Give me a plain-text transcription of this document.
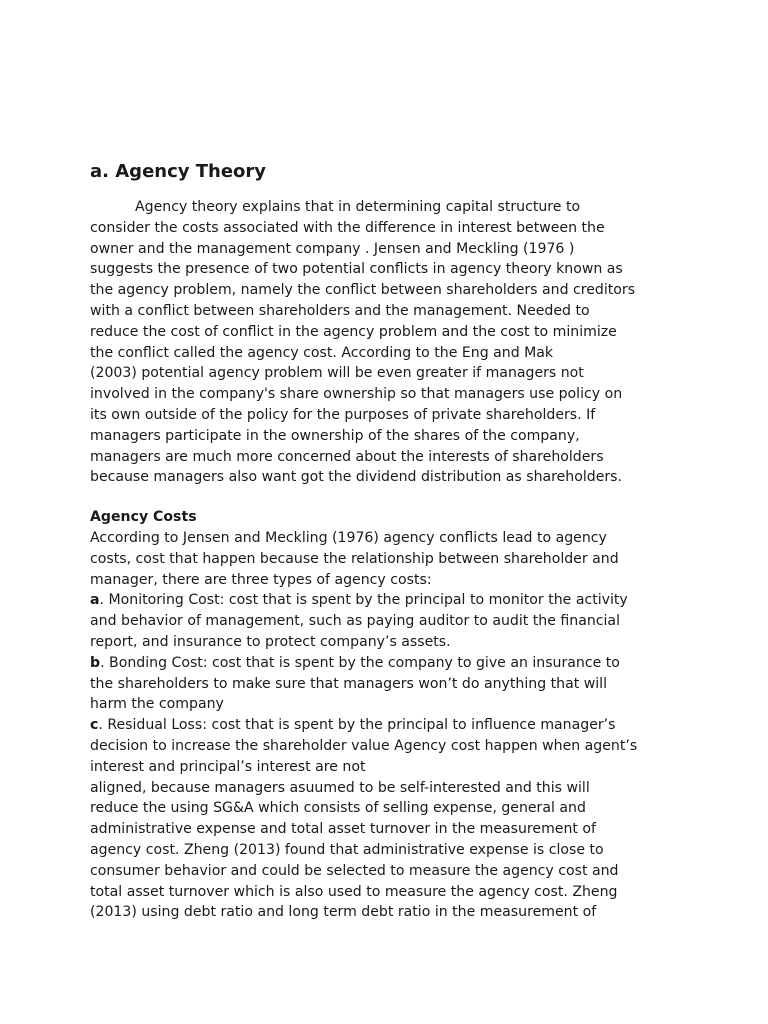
a. Agency Theory
Agency theory explains that in determining capital structure to
consider the costs associated with the difference in interest between the
owner and the management company . Jensen and Meckling (1976 )
suggests the presence of two potential conflicts in agency theory known as
the agency problem, namely the conflict between shareholders and creditors
with a conflict between shareholders and the management. Needed to
reduce the cost of conflict in the agency problem and the cost to minimize
the conflict called the agency cost. According to the Eng and Mak
(2003) potential agency problem will be even greater if managers not
involved in the company's share ownership so that managers use policy on
its own outside of the policy for the purposes of private shareholders. If
managers participate in the ownership of the shares of the company,
managers are much more concerned about the interests of shareholders
because managers also want got the dividend distribution as shareholders.
Agency Costs
According to Jensen and Meckling (1976) agency conflicts lead to agency
costs, cost that happen because the relationship between shareholder and
manager, there are three types of agency costs:
a. Monitoring Cost: cost that is spent by the principal to monitor the activity
and behavior of management, such as paying auditor to audit the financial
report, and insurance to protect company’s assets.
b. Bonding Cost: cost that is spent by the company to give an insurance to
the shareholders to make sure that managers won’t do anything that will
harm the company
c. Residual Loss: cost that is spent by the principal to influence manager’s
decision to increase the shareholder value Agency cost happen when agent’s
interest and principal’s interest are not
aligned, because managers asuumed to be self-interested and this will
reduce the using SG&A which consists of selling expense, general and
administrative expense and total asset turnover in the measurement of
agency cost. Zheng (2013) found that administrative expense is close to
consumer behavior and could be selected to measure the agency cost and
total asset turnover which is also used to measure the agency cost. Zheng
(2013) using debt ratio and long term debt ratio in the measurement of
